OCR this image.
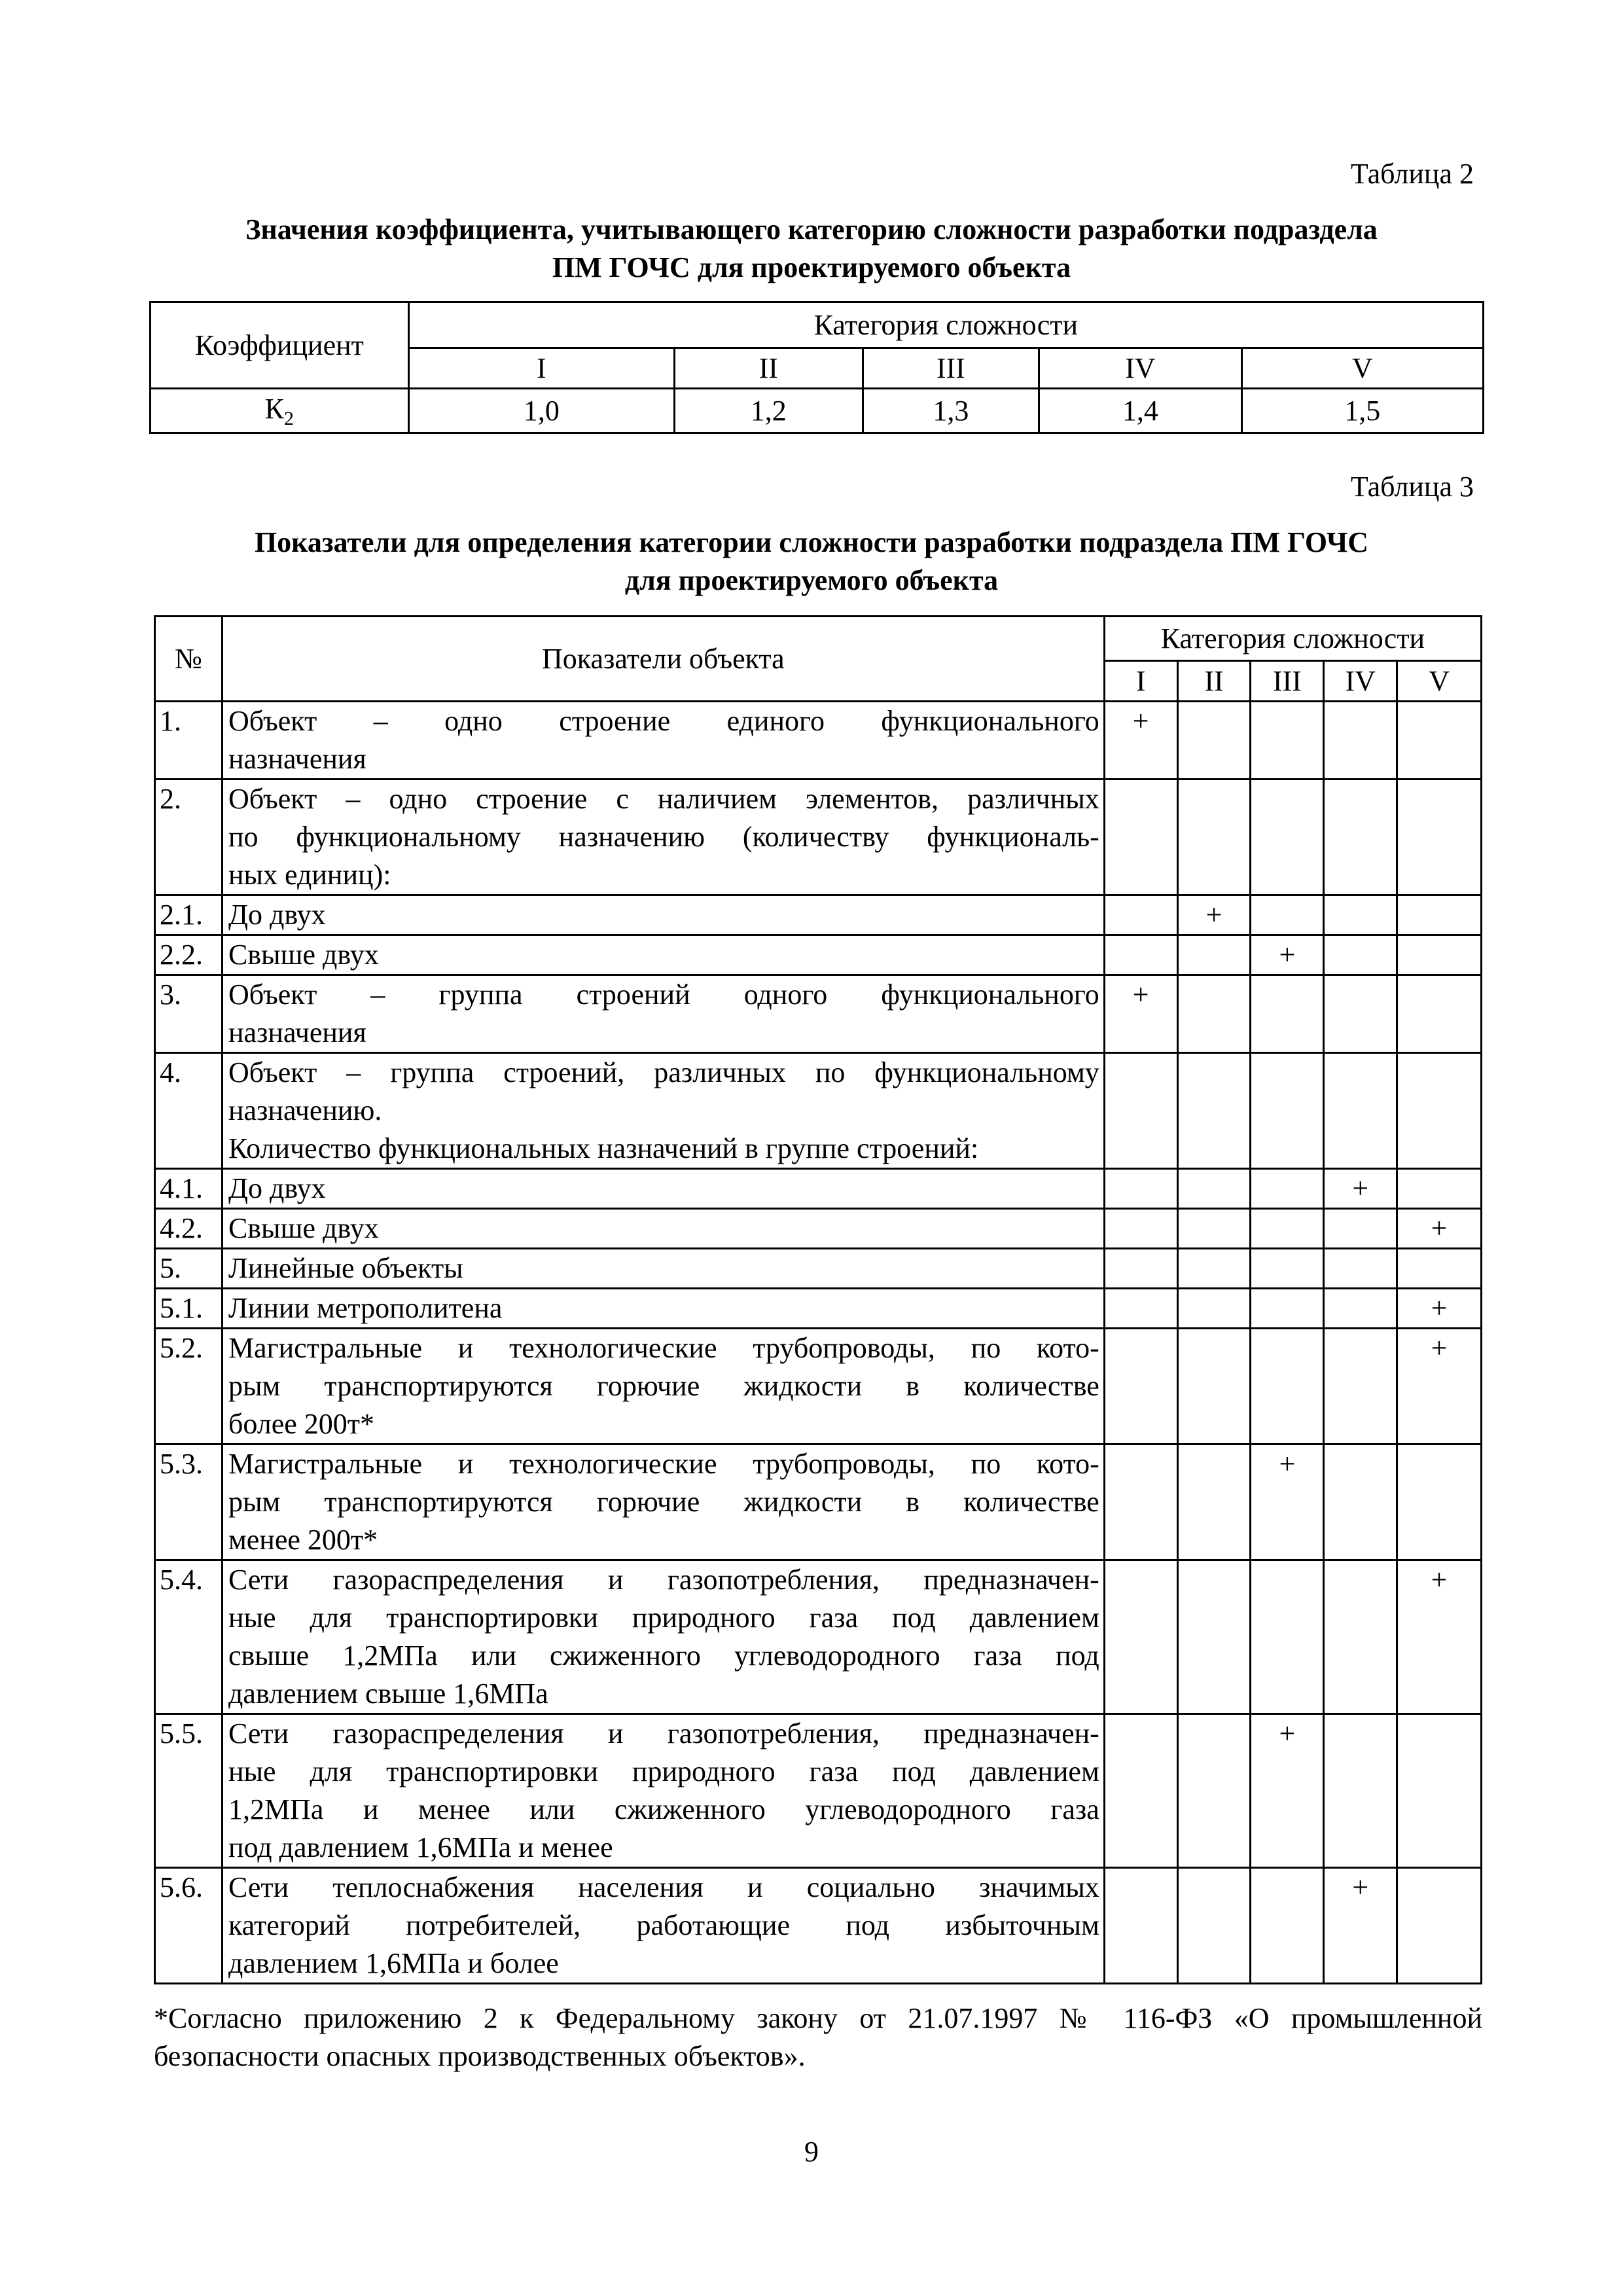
Таблица 2
Значения коэффициента, учитывающего категорию сложности разработки подраздела
ПМ ГОЧС для проектируемого объекта
Коэффициент	Категория сложности				
	I	II	III	IV	V
$К_2$	1,0	1,2	1,3	1,4	1,5
Таблица 3
Показатели для определения категории сложности разработки подраздела ПМ ГОЧС
для проектируемого объекта
№	Показатели объекта	Категория сложности				
		I	II	III	IV	V
1.	Объект – одно строение единого функционального
назначения	+				
2.	Объект – одно строение с наличием элементов, различных
по функциональному назначению (количеству функциональ-
ных единиц):					

2.1.	До двух		+			
2.2.	Свыше двух			+		
3.	Объект – группа строений одного функционального
назначения	+				
4.	Объект – группа строений, различных по функциональному
назначению.
Количество функциональных назначений в группе строений:					

4.1.	До двух				+	
4.2.	Свыше двух					+
5.	Линейные объекты					

5.1.	Линии метрополитена					+
5.2.	Магистральные и технологические трубопроводы, по кото-
рым транспортируются горючие жидкости в количестве
более 200т*					+
5.3.	Магистральные и технологические трубопроводы, по кото-
рым транспортируются горючие жидкости в количестве
менее 200т*			+		
5.4.	Сети газораспределения и газопотребления, предназначен-
ные для транспортировки природного газа под давлением
свыше 1,2МПа или сжиженного углеводородного газа под
давлением свыше 1,6МПа					+
5.5.	Сети газораспределения и газопотребления, предназначен-
ные для транспортировки природного газа под давлением
1,2МПа и менее или сжиженного углеводородного газа
под давлением 1,6МПа и менее			+		
5.6.	Сети теплоснабжения населения и социально значимых
категорий потребителей, работающие под избыточным
давлением 1,6МПа и более				+	
*Согласно приложению 2 к Федеральному закону от 21.07.1997 № 116-ФЗ «О промышленной
безопасности опасных производственных объектов».
9
